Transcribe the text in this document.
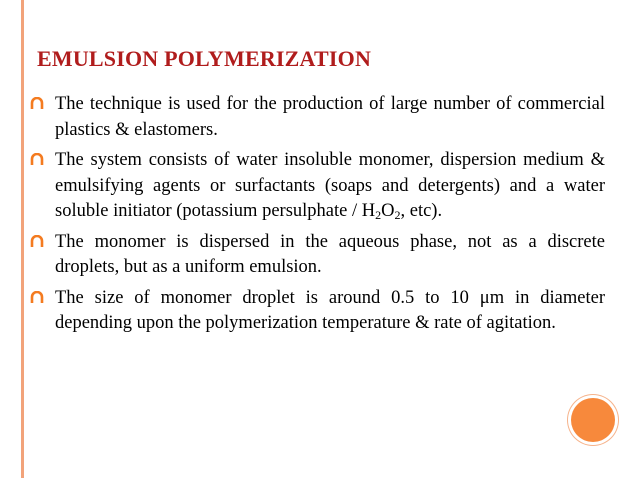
EMULSION POLYMERIZATION
The technique is used for the production of large number of commercial plastics & elastomers.
The system consists of water insoluble monomer, dispersion medium & emulsifying agents or surfactants (soaps and detergents) and a water soluble initiator (potassium persulphate / $H_2O_2$, etc).
The monomer is dispersed in the aqueous phase, not as a discrete droplets, but as a uniform emulsion.
The size of monomer droplet is around 0.5 to 10 μm in diameter depending upon the polymerization temperature & rate of agitation.
